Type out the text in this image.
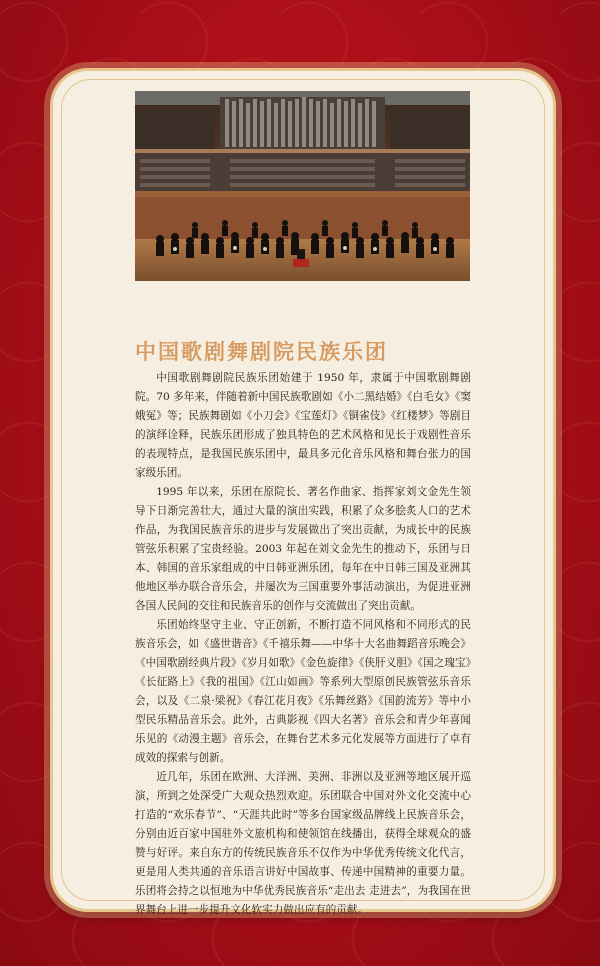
中国歌剧舞剧院民族乐团

中国歌剧舞剧院民族乐团始建于 1950 年，隶属于中国歌剧舞剧院。70 多年来，伴随着新中国民族歌剧如《小二黑结婚》《白毛女》《窦娥冤》等；民族舞剧如《小刀会》《宝莲灯》《铜雀伎》《红楼梦》等剧目的演绎诠释，民族乐团形成了独具特色的艺术风格和见长于戏剧性音乐的表现特点，是我国民族乐团中，最具多元化音乐风格和舞台张力的国家级乐团。

1995 年以来，乐团在原院长、著名作曲家、指挥家刘文金先生领导下日渐完善壮大，通过大量的演出实践，积累了众多脍炙人口的艺术作品，为我国民族音乐的进步与发展做出了突出贡献，为成长中的民族管弦乐积累了宝贵经验。2003 年起在刘文金先生的推动下，乐团与日本、韩国的音乐家组成的中日韩亚洲乐团，每年在中日韩三国及亚洲其他地区举办联合音乐会，并屡次为三国重要外事活动演出，为促进亚洲各国人民间的交往和民族音乐的创作与交流做出了突出贡献。

乐团始终坚守主业、守正创新，不断打造不同风格和不同形式的民族音乐会，如《盛世谐音》《千禧乐舞——中华十大名曲舞蹈音乐晚会》《中国歌剧经典片段》《岁月如歌》《金色旋律》《侠肝义胆》《国之瑰宝》《长征路上》《我的祖国》《江山如画》等系列大型原创民族管弦乐音乐会，以及《二泉·梁祝》《春江花月夜》《乐舞丝路》《国韵流芳》等中小型民乐精品音乐会。此外，古典影视《四大名著》音乐会和青少年喜闻乐见的《动漫主题》音乐会，在舞台艺术多元化发展等方面进行了卓有成效的探索与创新。

近几年，乐团在欧洲、大洋洲、美洲、非洲以及亚洲等地区展开巡演，所到之处深受广大观众热烈欢迎。乐团联合中国对外文化交流中心打造的“欢乐春节”、“天涯共此时”等多台国家级品牌线上民族音乐会，分别由近百家中国驻外文旅机构和使领馆在线播出，获得全球观众的盛赞与好评。来自东方的传统民族音乐不仅作为中华优秀传统文化代言，更是用人类共通的音乐语言讲好中国故事、传递中国精神的重要力量。乐团将会持之以恒地为中华优秀民族音乐“走出去 走进去”，为我国在世界舞台上进一步提升文化软实力做出应有的贡献。
